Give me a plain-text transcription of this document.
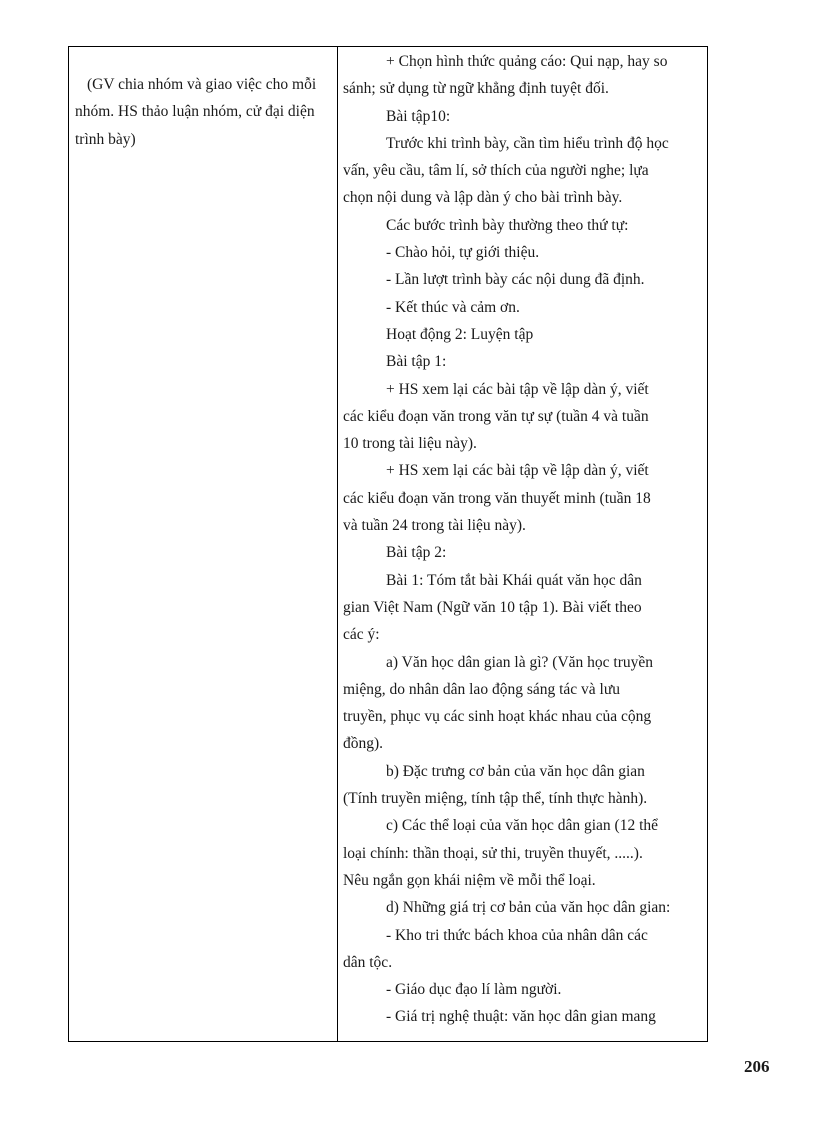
(GV chia nhóm và giao việc cho mỗi nhóm. HS thảo luận nhóm, cử đại diện trình bày)

+ Chọn hình thức quảng cáo: Qui nạp, hay so
sánh; sử dụng từ ngữ khẳng định tuyệt đối.
Bài tập10:
Trước khi trình bày, cần tìm hiểu trình độ học
vấn, yêu cầu, tâm lí, sở thích của người nghe; lựa
chọn nội dung và lập dàn ý cho bài trình bày.
Các bước trình bày thường theo thứ tự:
- Chào hỏi, tự giới thiệu.
- Lần lượt trình bày các nội dung đã định.
- Kết thúc và cảm ơn.
Hoạt động 2: Luyện tập
Bài tập 1:
+ HS xem lại các bài tập về lập dàn ý, viết
các kiểu đoạn văn trong văn tự sự (tuần 4 và tuần
10 trong tài liệu này).
+ HS xem lại các bài tập về lập dàn ý, viết
các kiểu đoạn văn trong văn thuyết minh (tuần 18
và tuần 24 trong tài liệu này).
Bài tập 2:
Bài 1: Tóm tắt bài Khái quát văn học dân
gian Việt Nam (Ngữ văn 10 tập 1). Bài viết theo
các ý:
a) Văn học dân gian là gì? (Văn học truyền
miệng, do nhân dân lao động sáng tác và lưu
truyền, phục vụ các sinh hoạt khác nhau của cộng
đồng).
b) Đặc trưng cơ bản của văn học dân gian
(Tính truyền miệng, tính tập thể, tính thực hành).
c) Các thể loại của văn học dân gian (12 thể
loại chính: thần thoại, sử thi, truyền thuyết, .....).
Nêu ngắn gọn khái niệm về mỗi thể loại.
d) Những giá trị cơ bản của văn học dân gian:
- Kho tri thức bách khoa của nhân dân các
dân tộc.
- Giáo dục đạo lí làm người.
- Giá trị nghệ thuật: văn học dân gian mang
206
